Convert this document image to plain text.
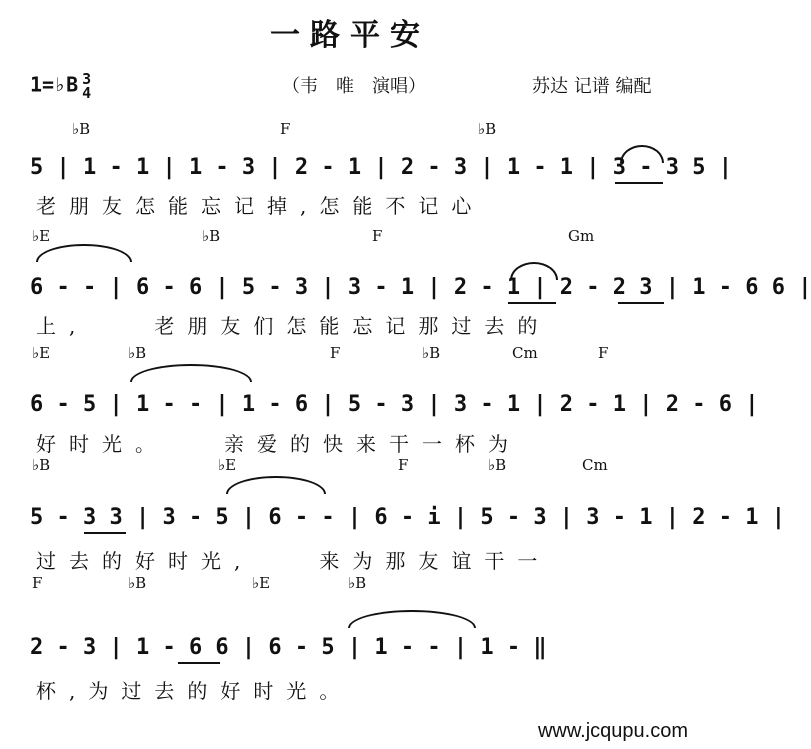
一路平安
1=♭B 3
4	（韦　唯　演唱）	苏达 记谱 编配
♭B	F	♭B
5 | 1 - 1 | 1 - 3 | 2 - 1 | 2 - 3 | 1 - 1 | 3 - 3 5 |
老朋友怎能忘记掉,怎能不记心
♭E	♭B	F	Gm
6 - - | 6 - 6 | 5 - 3 | 3 - 1 | 2 - 1 | 2 - 2 3 | 1 - 6 6 |
上,　　老朋友们怎能忘记那过去的
♭E	♭B	F	♭B	Cm	F
6 - 5 | 1 - - | 1 - 6 | 5 - 3 | 3 - 1 | 2 - 1 | 2 - 6 |
好时光。　　亲爱的快来干一杯为
♭B	♭E	F	♭B	Cm
5 - 3 3 | 3 - 5 | 6 - - | 6 - i | 5 - 3 | 3 - 1 | 2 - 1 |
过去的好时光,　　来为那友谊干一
F	♭B	♭E	♭B
2 - 3 | 1 - 6 6 | 6 - 5 | 1 - - | 1 - ‖
杯,为过去的好时光。
www.jcqupu.com
